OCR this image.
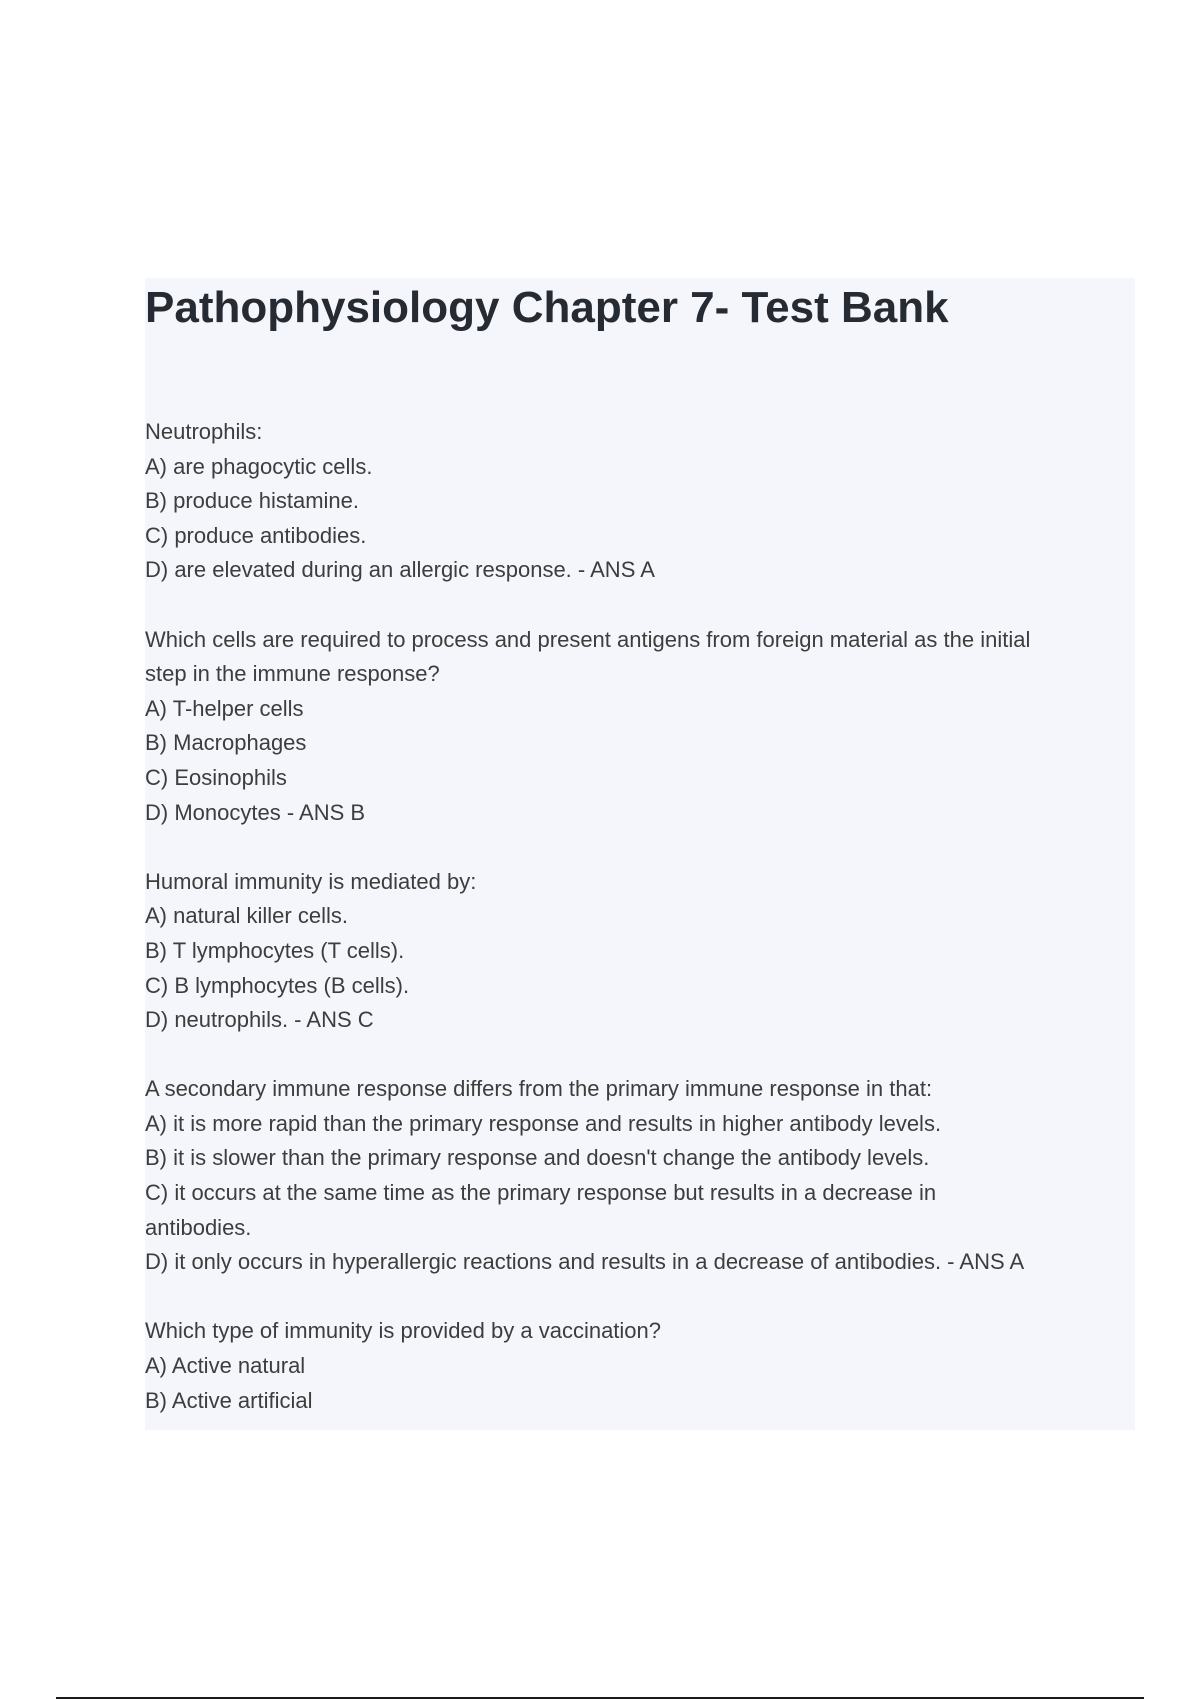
Pathophysiology Chapter 7- Test Bank
Neutrophils:
A) are phagocytic cells.
B) produce histamine.
C) produce antibodies.
D) are elevated during an allergic response. - ANS A
Which cells are required to process and present antigens from foreign material as the initial
step in the immune response?
A) T-helper cells
B) Macrophages
C) Eosinophils
D) Monocytes - ANS B
Humoral immunity is mediated by:
A) natural killer cells.
B) T lymphocytes (T cells).
C) B lymphocytes (B cells).
D) neutrophils. - ANS C
A secondary immune response differs from the primary immune response in that:
A) it is more rapid than the primary response and results in higher antibody levels.
B) it is slower than the primary response and doesn't change the antibody levels.
C) it occurs at the same time as the primary response but results in a decrease in
antibodies.
D) it only occurs in hyperallergic reactions and results in a decrease of antibodies. - ANS A
Which type of immunity is provided by a vaccination?
A) Active natural
B) Active artificial
